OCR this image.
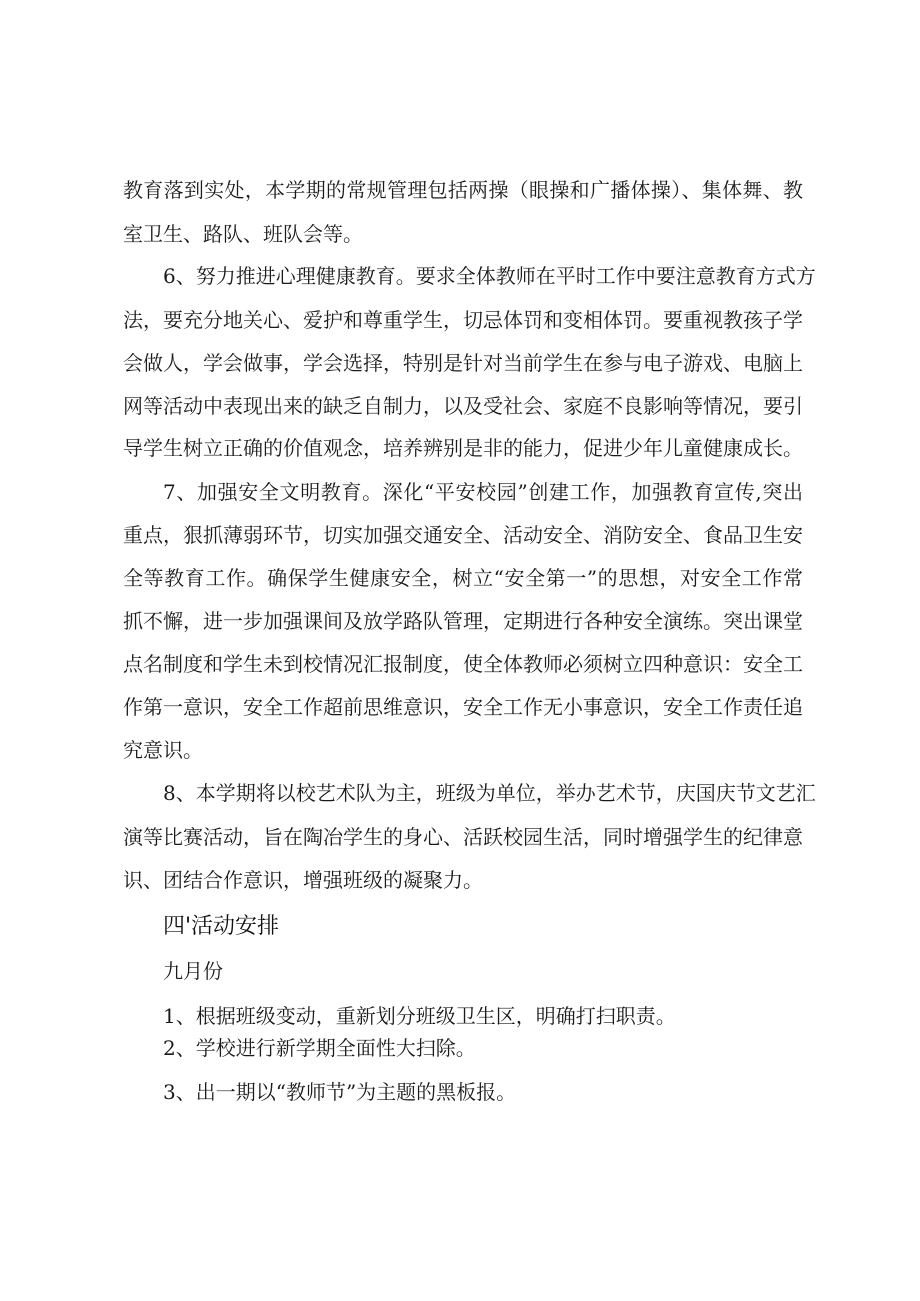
教育落到实处，本学期的常规管理包括两操（眼操和广播体操）、集体舞、教
室卫生、路队、班队会等。
6、努力推进心理健康教育。要求全体教师在平时工作中要注意教育方式方
法，要充分地关心、爱护和尊重学生，切忌体罚和变相体罚。要重视教孩子学
会做人，学会做事，学会选择，特别是针对当前学生在参与电子游戏、电脑上
网等活动中表现出来的缺乏自制力，以及受社会、家庭不良影响等情况，要引
导学生树立正确的价值观念，培养辨别是非的能力，促进少年儿童健康成长。
7、加强安全文明教育。深化“平安校园”创建工作，加强教育宣传,突出
重点，狠抓薄弱环节，切实加强交通安全、活动安全、消防安全、食品卫生安
全等教育工作。确保学生健康安全，树立“安全第一”的思想，对安全工作常
抓不懈，进一步加强课间及放学路队管理，定期进行各种安全演练。突出课堂
点名制度和学生未到校情况汇报制度，使全体教师必须树立四种意识：安全工
作第一意识，安全工作超前思维意识，安全工作无小事意识，安全工作责任追
究意识。
8、本学期将以校艺术队为主，班级为单位，举办艺术节，庆国庆节文艺汇
演等比赛活动，旨在陶冶学生的身心、活跃校园生活，同时增强学生的纪律意
识、团结合作意识，增强班级的凝聚力。
四'活动安排
九月份
1、根据班级变动，重新划分班级卫生区，明确打扫职责。
2、学校进行新学期全面性大扫除。
3、出一期以“教师节”为主题的黑板报。
